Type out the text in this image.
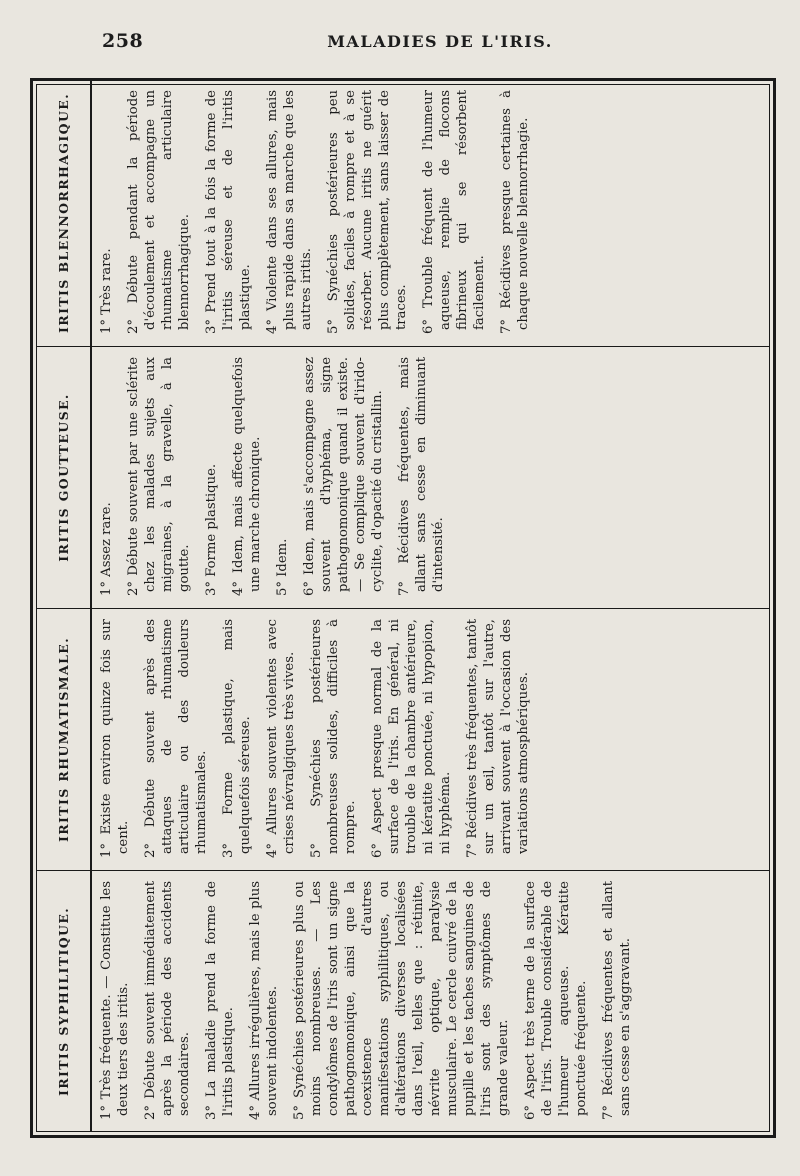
258	MALADIES DE L'IRIS.
IRITIS SYPHILITIQUE.
IRITIS RHUMATISMALE.
IRITIS GOUTTEUSE.
IRITIS BLENNORRHAGIQUE.

1° Très fréquente. — Constitue les deux tiers des iritis. 2° Débute souvent immédiatement après la période des accidents secondaires. 3° La maladie prend la forme de l'iritis plastique. 4° Allures irrégulières, mais le plus souvent indolentes. 5° Synéchies postérieures plus ou moins nombreuses. — Les condylômes de l'iris sont un signe pathognomonique, ainsi que la coexistence d'autres manifestations syphilitiques, ou d'altérations diverses localisées dans l'œil, telles que : rétinite, névrite optique, paralysie musculaire. Le cercle cuivré de la pupille et les taches sanguines de l'iris sont des symptômes de grande valeur. 6° Aspect très terne de la surface de l'iris. Trouble considérable de l'humeur aqueuse. Kératite ponctuée fréquente. 7° Récidives fréquentes et allant sans cesse en s'aggravant.

1° Existe environ quinze fois sur cent. 2° Débute souvent après des attaques de rhumatisme articulaire ou des douleurs rhumatismales. 3° Forme plastique, mais quelquefois séreuse. 4° Allures souvent violentes avec crises névralgiques très vives. 5° Synéchies postérieures nombreuses solides, difficiles à rompre. 6° Aspect presque normal de la surface de l'iris. En général, ni trouble de la chambre antérieure, ni kératite ponctuée, ni hypopion, ni hyphéma. 7° Récidives très fréquentes, tantôt sur un œil, tantôt sur l'autre, arrivant souvent à l'occasion des variations atmosphériques.

1° Assez rare. 2° Débute souvent par une sclérite chez les malades sujets aux migraines, à la gravelle, à la goutte. 3° Forme plastique. 4° Idem, mais affecte quelquefois une marche chronique. 5° Idem. 6° Idem, mais s'accompagne assez souvent d'hyphéma, signe pathognomonique quand il existe. — Se complique souvent d'irido-cyclite, d'opacité du cristallin. 7° Récidives fréquentes, mais allant sans cesse en diminuant d'intensité.

1° Très rare. 2° Débute pendant la période d'écoulement et accompagne un rhumatisme articulaire blennorrhagique. 3° Prend tout à la fois la forme de l'iritis séreuse et de l'iritis plastique. 4° Violente dans ses allures, mais plus rapide dans sa marche que les autres iritis. 5° Synéchies postérieures peu solides, faciles à rompre et à se résorber. Aucune iritis ne guérit plus complètement, sans laisser de traces. 6° Trouble fréquent de l'humeur aqueuse, remplie de flocons fibrineux qui se résorbent facilement. 7° Récidives presque certaines à chaque nouvelle blennorrhagie.
